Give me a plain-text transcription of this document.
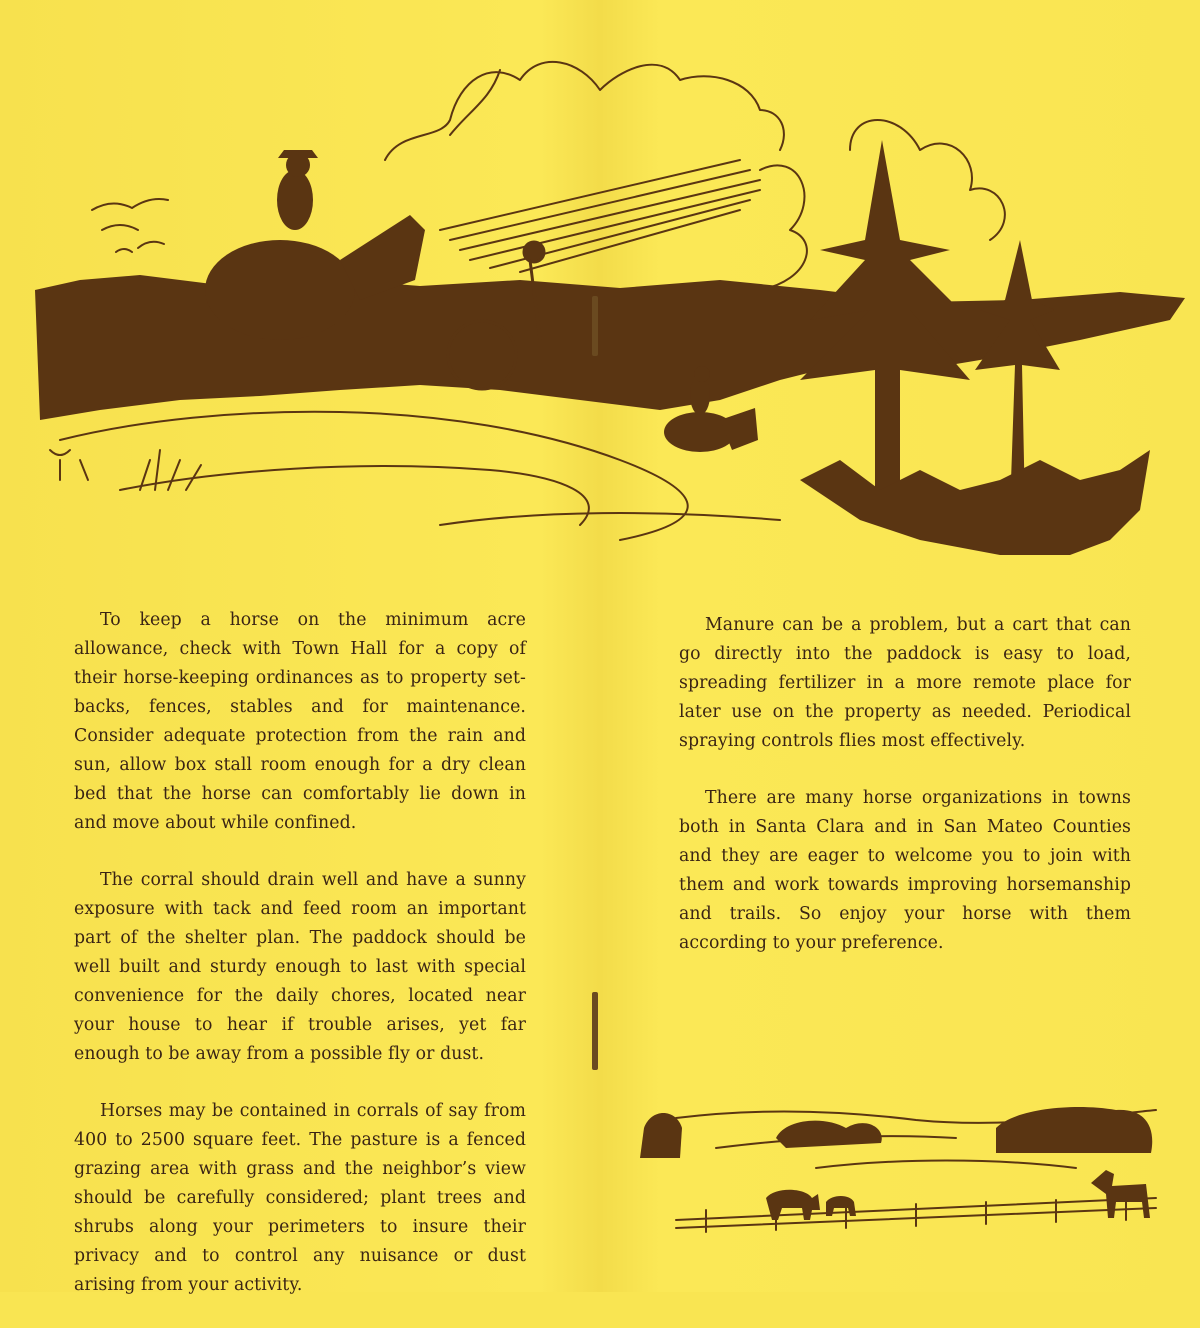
To keep a horse on the minimum acre allowance, check with Town Hall for a copy of their horse-keeping ordinances as to property set-backs, fences, stables and for maintenance. Consider adequate protection from the rain and sun, allow box stall room enough for a dry clean bed that the horse can comfortably lie down in and move about while confined.

The corral should drain well and have a sunny exposure with tack and feed room an important part of the shelter plan. The paddock should be well built and sturdy enough to last with special convenience for the daily chores, located near your house to hear if trouble arises, yet far enough to be away from a possible fly or dust.

Horses may be contained in corrals of say from 400 to 2500 square feet. The pasture is a fenced grazing area with grass and the neighbor’s view should be carefully considered; plant trees and shrubs along your perimeters to insure their privacy and to control any nuisance or dust arising from your activity.

Manure can be a problem, but a cart that can go directly into the paddock is easy to load, spreading fertilizer in a more remote place for later use on the property as needed. Periodical spraying controls flies most effectively.

There are many horse organizations in towns both in Santa Clara and in San Mateo Counties and they are eager to welcome you to join with them and work towards improving horsemanship and trails. So enjoy your horse with them according to your preference.
